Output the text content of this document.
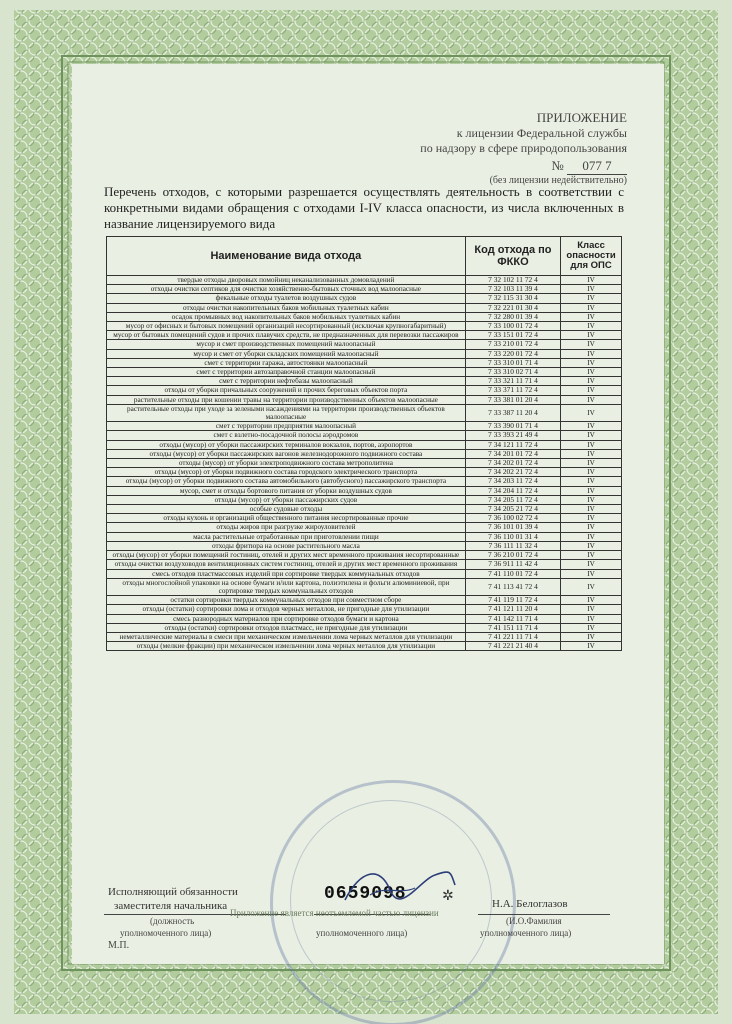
ПРИЛОЖЕНИЕ
к лицензии Федеральной службы
по надзору в сфере природопользования
№ 077 7
(без лицензии недействительно)
Перечень отходов, с которыми разрешается осуществлять деятельность в соответствии с конкретными видами обращения с отходами I-IV класса опасности, из числа включенных в название лицензируемого вида
Наименование вида отхода	Код отхода по ФККО	Класс опасности для ОПС
твердые отходы дворовых помойниц неканализованных домовладений	7 32 102 11 72 4	IV
отходы очистки септиков для очистки хозяйственно-бытовых сточных вод малоопасные	7 32 103 11 39 4	IV
фекальные отходы туалетов воздушных судов	7 32 115 31 30 4	IV
отходы очистки накопительных баков мобильных туалетных кабин	7 32 221 01 30 4	IV
осадок промывных вод накопительных баков мобильных туалетных кабин	7 32 280 01 39 4	IV
мусор от офисных и бытовых помещений организаций несортированный (исключая крупногабаритный)	7 33 100 01 72 4	IV
мусор от бытовых помещений судов и прочих плавучих средств, не предназначенных для перевозки пассажиров	7 33 151 01 72 4	IV
мусор и смет производственных помещений малоопасный	7 33 210 01 72 4	IV
мусор и смет от уборки складских помещений малоопасный	7 33 220 01 72 4	IV
смет с территории гаража, автостоянки малоопасный	7 33 310 01 71 4	IV
смет с территории автозаправочной станции малоопасный	7 33 310 02 71 4	IV
смет с территории нефтебазы малоопасный	7 33 321 11 71 4	IV
отходы от уборки причальных сооружений и прочих береговых объектов порта	7 33 371 11 72 4	IV
растительные отходы при кошении травы на территории производственных объектов малоопасные	7 33 381 01 20 4	IV
растительные отходы при уходе за зелеными насаждениями на территории производственных объектов малоопасные	7 33 387 11 20 4	IV
смет с территории предприятия малоопасный	7 33 390 01 71 4	IV
смет с взлетно-посадочной полосы аэродромов	7 33 393 21 49 4	IV
отходы (мусор) от уборки пассажирских терминалов вокзалов, портов, аэропортов	7 34 121 11 72 4	IV
отходы (мусор) от уборки пассажирских вагонов железнодорожного подвижного состава	7 34 201 01 72 4	IV
отходы (мусор) от уборки электроподвижного состава метрополитена	7 34 202 01 72 4	IV
отходы (мусор) от уборки подвижного состава городского электрического транспорта	7 34 202 21 72 4	IV
отходы (мусор) от уборки подвижного состава автомобильного (автобусного) пассажирского транспорта	7 34 203 11 72 4	IV
мусор, смет и отходы бортового питания от уборки воздушных судов	7 34 204 11 72 4	IV
отходы (мусор) от уборки пассажирских судов	7 34 205 11 72 4	IV
особые судовые отходы	7 34 205 21 72 4	IV
отходы кухонь и организаций общественного питания несортированные прочие	7 36 100 02 72 4	IV
отходы жиров при разгрузке жироуловителей	7 36 101 01 39 4	IV
масла растительные отработанные при приготовлении пищи	7 36 110 01 31 4	IV
отходы фритюра на основе растительного масла	7 36 111 11 32 4	IV
отходы (мусор) от уборки помещений гостиниц, отелей и других мест временного проживания несортированные	7 36 210 01 72 4	IV
отходы очистки воздуховодов вентиляционных систем гостиниц, отелей и других мест временного проживания	7 36 911 11 42 4	IV
смесь отходов пластмассовых изделий при сортировке твердых коммунальных отходов	7 41 110 01 72 4	IV
отходы многослойной упаковки на основе бумаги и/или картона, полиэтилена и фольги алюминиевой, при сортировке твердых коммунальных отходов	7 41 113 41 72 4	IV
остатки сортировки твердых коммунальных отходов при совместном сборе	7 41 119 11 72 4	IV
отходы (остатки) сортировки лома и отходов черных металлов, не пригодные для утилизации	7 41 121 11 20 4	IV
смесь разнородных материалов при сортировке отходов бумаги и картона	7 41 142 11 71 4	IV
отходы (остатки) сортировки отходов пластмасс, не пригодные для утилизации	7 41 151 11 71 4	IV
неметаллические материалы в смеси при механическом измельчении лома черных металлов для утилизации	7 41 221 11 71 4	IV
отходы (мелкие фракции) при механическом измельчении лома черных металлов для утилизации	7 41 221 21 40 4	IV
Исполняющий обязанности
заместителя начальника
(должность
уполномоченного лица)
0659098	✲
уполномоченного лица)
Н.А. Белоглазов
(И.О.Фамилия
уполномоченного лица)
Приложение является неотъемлемой частью лицензии
М.П.
